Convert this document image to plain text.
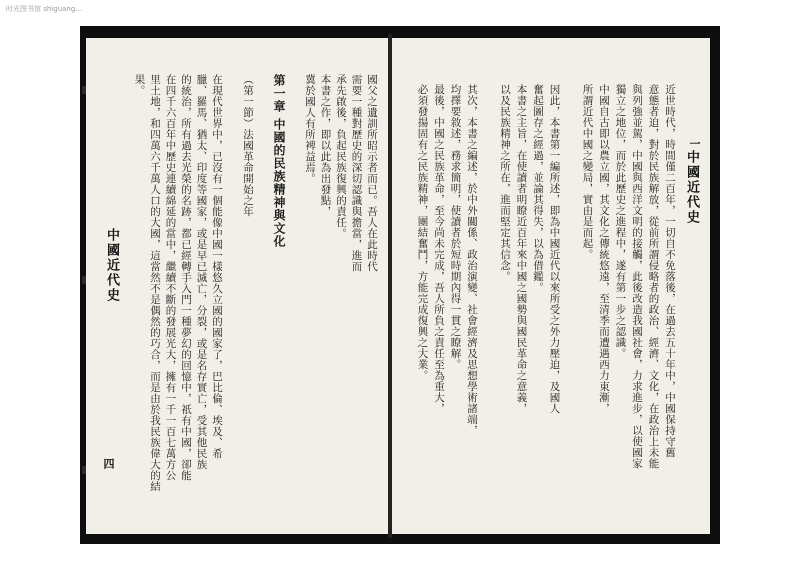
时光图书馆 shiguang…
中國近代史
四
國父之遺訓所昭示者而已。吾人在此時代
需要一種對歷史的深切認識與擔當，進而
承先啟後，負起民族復興的責任。
本書之作，即以此為出發點，
冀於國人有所裨益焉。
第一章 中國的民族精神與文化
（第一節）法國革命開始之年
在現代世界中，已沒有一個能像中國一樣悠久立國的國家了，巴比倫、埃及、希
臘、羅馬、猶太、印度等國家，或是早已滅亡，分裂，或是名存實亡，受其他民族
的統治，所有過去光榮的名跡，都已經轉手入門一種夢幻的回憶中，祇有中國，卻能
在四千六百年中歷史連續綿延的當中，繼續不斷的發展光大，擁有一千一百七萬方公
里土地，和四萬六千萬人口的大國，這當然不是偶然的巧合，而是由於我民族偉大的結
果。
中國近代史
一
近世時代，時間僅二百年，一切自不免落後，在過去五十年中，中國保持守舊
意態者迫，對於民族解放，從前所謂侵略者的政治、經濟、文化，在政治上未能
與列強並駕，中國與西洋文明的接觸，此後改造我國社會，力求進步，以使國家
獨立之地位，而於此歷史之進程中，遂有第一步之認識。
中國自古即以農立國，其文化之傳統悠遠，至清季而遭遇西力東漸，
所謂近代中國之變局，實由是而起。
因此，本書第一編所述，即為中國近代以來所受之外力壓迫，及國人
奮起圖存之經過，並論其得失，以為借鑑。
本書之主旨，在使讀者明瞭近百年來中國之國勢與國民革命之意義，
以及民族精神之所在，進而堅定其信念。
其次，本書之編述，於中外關係、政治演變、社會經濟及思想學術諸端，
均擇要敘述，務求簡明，使讀者於短時期內得一貫之瞭解。
最後，中國之民族革命，至今尚未完成，吾人所負之責任至為重大，
必須發揚固有之民族精神，團結奮鬥，方能完成復興之大業。
